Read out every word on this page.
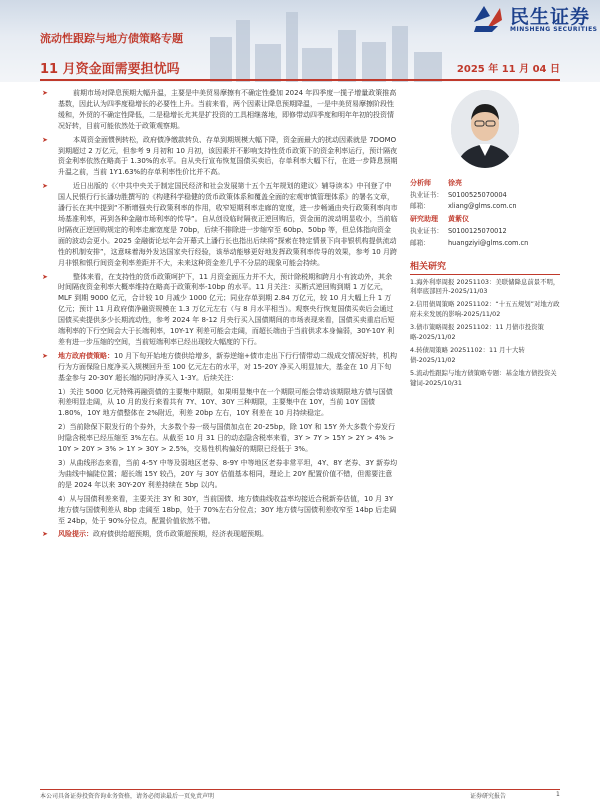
流动性跟踪与地方债策略专题
11 月资金面需要担忧吗	2025 年 11 月 04 日
民生证券
MINSHENG SECURITIES

➤	前期市场对降息预期大幅升温，主要是中美贸易摩擦有不确定性叠加 2024 年四季度一揽子增量政策推高基数，因此认为四季度稳增长的必要性上升。当前来看，两个因素让降息预期降温，一是中美贸易摩擦阶段性缓和，外贸的不确定性降低，二是稳增长尤其是扩投资的工具相继落地，即修带动四季度和明年年初的投资情况好转，目前可能依然处于政策观察期。

➤	本周资金面惯例转松，政府债净缴款转负、存单到期规模大幅下降，资金面最大的扰动因素就是 7DOMO 到期超过 2 万亿元，但参考 9 月初和 10 月初，该因素并不影响支持性货币政策下的资金利率运行，预计隔夜资金利率依然在略高于 1.30%的水平。自从央行宣布恢复国债买卖后，存单利率大幅下行，在进一步降息预期升温之前，当前 1Y1.63%的存单利率性价比并不高。

➤	近日出版的《〈中共中央关于制定国民经济和社会发展第十五个五年规划的建议〉辅导读本》中刊登了中国人民银行行长潘功胜撰写的《构建科学稳健的货币政策体系和覆盖全面的宏观审慎管理体系》的署名文章，潘行长在其中提到“不断增强央行政策利率的作用，收窄短期利率走廊的宽度，进一步畅通由央行政策利率向市场基准利率，再到各种金融市场利率的传导”。自从创设临时隔夜正逆回购后，资金面的波动明显收小，当前临时隔夜正逆回购规定的利率走廊宽度是 70bp，后续不排除进一步缩窄至 60bp、50bp 等，但总体指向资金面的波动会更小。2025 金融街论坛年会开幕式上潘行长也指出后续将“探索在特定情景下向非银机构提供流动性的机制安排”，这意味着海外发达国家央行经验，该举动能够更好地发挥政策利率传导的效果，参考 10 月跨月非银和银行间资金利率差距并不大，未来这种资金差几乎不分层的现象可能会持续。

➤	整体来看，在支持性的货币政策呵护下，11 月资金面压力并不大，预计除税期和跨月小有波动外，其余时间隔夜资金利率大概率维持在略高于政策利率-10bp 的水平。11 月关注：买断式逆回购到期 1 万亿元，MLF 到期 9000 亿元，合计较 10 月减少 1000 亿元；同业存单到期 2.84 万亿元，较 10 月大幅上升 1 万亿元；预计 11 月政府债净融资规模在 1.3 万亿元左右（与 8 月水平相当）。观察央行恢复国债买卖后会通过国债买卖提供多少长期流动性，参考 2024 年 8-12 月央行买入国债期间的市场表现来看，国债买卖重启后短端利率的下行空间会大于长端利率，10Y-1Y 利差可能会走阔，而超长端由于当前供求本身偏弱，30Y-10Y 利差有进一步压缩的空间，当前短端利率已经出现较大幅度的下行。

➤ 地方政府债策略：10 月下旬开始地方债供给增多，新券逆缩+债市走出下行行情带动二级成交情况好转，机构行为方面保险日度净买入规模回升至 100 亿元左右的水平，对 15-20Y 净买入明显加大，基金在 10 月下旬基金参与 20-30Y 超长端的同时净买入 1-3Y。后续关注：

1）关注 5000 亿元特殊再融资债的主要集中期限，如果明显集中在一个期限可能会带动该期限地方债与国债利差明显走阔，从 10 月的发行来看共有 7Y、10Y、30Y 三种期限，主要集中在 10Y，当前 10Y 国债 1.80%，10Y 地方债整体在 2%附近，利差 20bp 左右，10Y 利差在 10 月持续稳定。

2）当前除保下限发行的个券外，大多数个券一级与国债加点在 20-25bp，除 10Y 和 15Y 外大多数个券发行时隐含税率已经压缩至 3%左右。从截至 10 月 31 日的动态隐含税率来看，3Y > 7Y > 15Y > 2Y > 4% > 10Y > 20Y > 3% > 1Y > 30Y > 2.5%，交易性机构偏好的期限已经低于 3%。

3）从曲线形态来看，当前 4-5Y 中等及弱地区老券、8-9Y 中等地区老券非常平坦，4Y、8Y 老券、3Y 新券均为曲线中偏陡位置；超长端 15Y 较凸，20Y 与 30Y 估值基本相同，理论上 20Y 配置价值不错，但需要注意的是 2024 年以来 30Y-20Y 利差持续在 5bp 以内。

4）从与国债利差来看，主要关注 3Y 和 30Y，当前国债、地方债曲线收益率均接近合税新券估值，10 月 3Y 地方债与国债利差从 8bp 走阔至 18bp，处于 70%左右分位点；30Y 地方债与国债利差收窄至 14bp 后走阔至 24bp，处于 90%分位点，配置价值依然不错。

➤ 风险提示：政府债供给超预期，货币政策超预期，经济表现超预期。

分析师	徐亮
执业证书： S0100525070004
邮箱：	xliang@glms.com.cn
研究助理	黄紫仪
执业证书： S0100125070012
邮箱：	huangziyi@glms.com.cn
相关研究
1.海外利率周报 20251103：美联储降息前景不明，利率底部回升-2025/11/03
2.信用债周策略 20251102：“十五五规划”对地方政府未来发展的影响-2025/11/02
3.债市策略周报 20251102：11 月债市投资策略-2025/11/02
4.转债周策略 20251102：11 月十大转债-2025/11/02
5.流动性跟踪与地方债策略专题：基金地方债投资关键词-2025/10/31
本公司具备证券投资咨询业务资格，请务必阅读最后一页免责声明	证券研究报告	1
